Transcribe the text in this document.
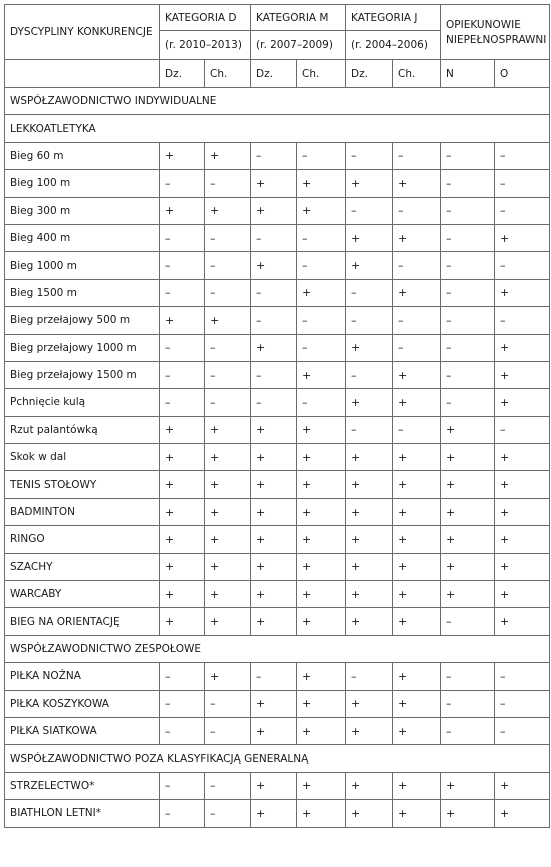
DYSCYPLINY KONKURENCJE	KATEGORIA D		KATEGORIA M		KATEGORIA J		OPIEKUNOWIE NIEPEŁNOSPRAWNI	
	(r. 2010–2013)		(r. 2007–2009)		(r. 2004–2006)			
	Dz.	Ch.	Dz.	Ch.	Dz.	Ch.	N	O
WSPÓŁZAWODNICTWO INDYWIDUALNE								
LEKKOATLETYKA								
Bieg 60 m	+	+	–	–	–	–	–	–
Bieg 100 m	–	–	+	+	+	+	–	–
Bieg 300 m	+	+	+	+	–	–	–	–
Bieg 400 m	–	–	–	–	+	+	–	+
Bieg 1000 m	–	–	+	–	+	–	–	–
Bieg 1500 m	–	–	–	+	–	+	–	+
Bieg przełajowy 500 m	+	+	–	–	–	–	–	–
Bieg przełajowy 1000 m	–	–	+	–	+	–	–	+
Bieg przełajowy 1500 m	–	–	–	+	–	+	–	+
Pchnięcie kulą	–	–	–	–	+	+	–	+
Rzut palantówką	+	+	+	+	–	–	+	–
Skok w dal	+	+	+	+	+	+	+	+
TENIS STOŁOWY	+	+	+	+	+	+	+	+
BADMINTON	+	+	+	+	+	+	+	+
RINGO	+	+	+	+	+	+	+	+
SZACHY	+	+	+	+	+	+	+	+
WARCABY	+	+	+	+	+	+	+	+
BIEG NA ORIENTACJĘ	+	+	+	+	+	+	–	+
WSPÓŁZAWODNICTWO ZESPOŁOWE								
PIŁKA NOŻNA	–	+	–	+	–	+	–	–
PIŁKA KOSZYKOWA	–	–	+	+	+	+	–	–
PIŁKA SIATKOWA	–	–	+	+	+	+	–	–
WSPÓŁZAWODNICTWO POZA KLASYFIKACJĄ GENERALNĄ								
STRZELECTWO*	–	–	+	+	+	+	+	+
BIATHLON LETNI*	–	–	+	+	+	+	+	+
